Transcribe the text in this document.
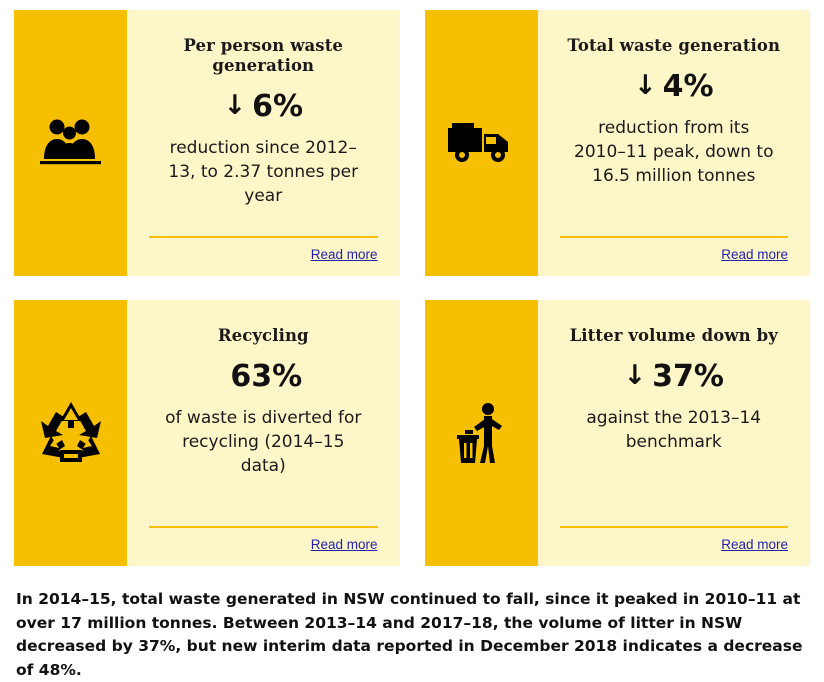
Per person waste generation
↓ 6%
reduction since 2012–13, to 2.37 tonnes per year
Read more
Total waste generation
↓ 4%
reduction from its 2010–11 peak, down to 16.5 million tonnes
Read more
Recycling
63%
of waste is diverted for recycling (2014–15 data)
Read more
Litter volume down by
↓ 37%
against the 2013–14 benchmark
Read more

In 2014–15, total waste generated in NSW continued to fall, since it peaked in 2010–11 at over 17 million tonnes. Between 2013–14 and 2017–18, the volume of litter in NSW decreased by 37%, but new interim data reported in December 2018 indicates a decrease of 48%.
